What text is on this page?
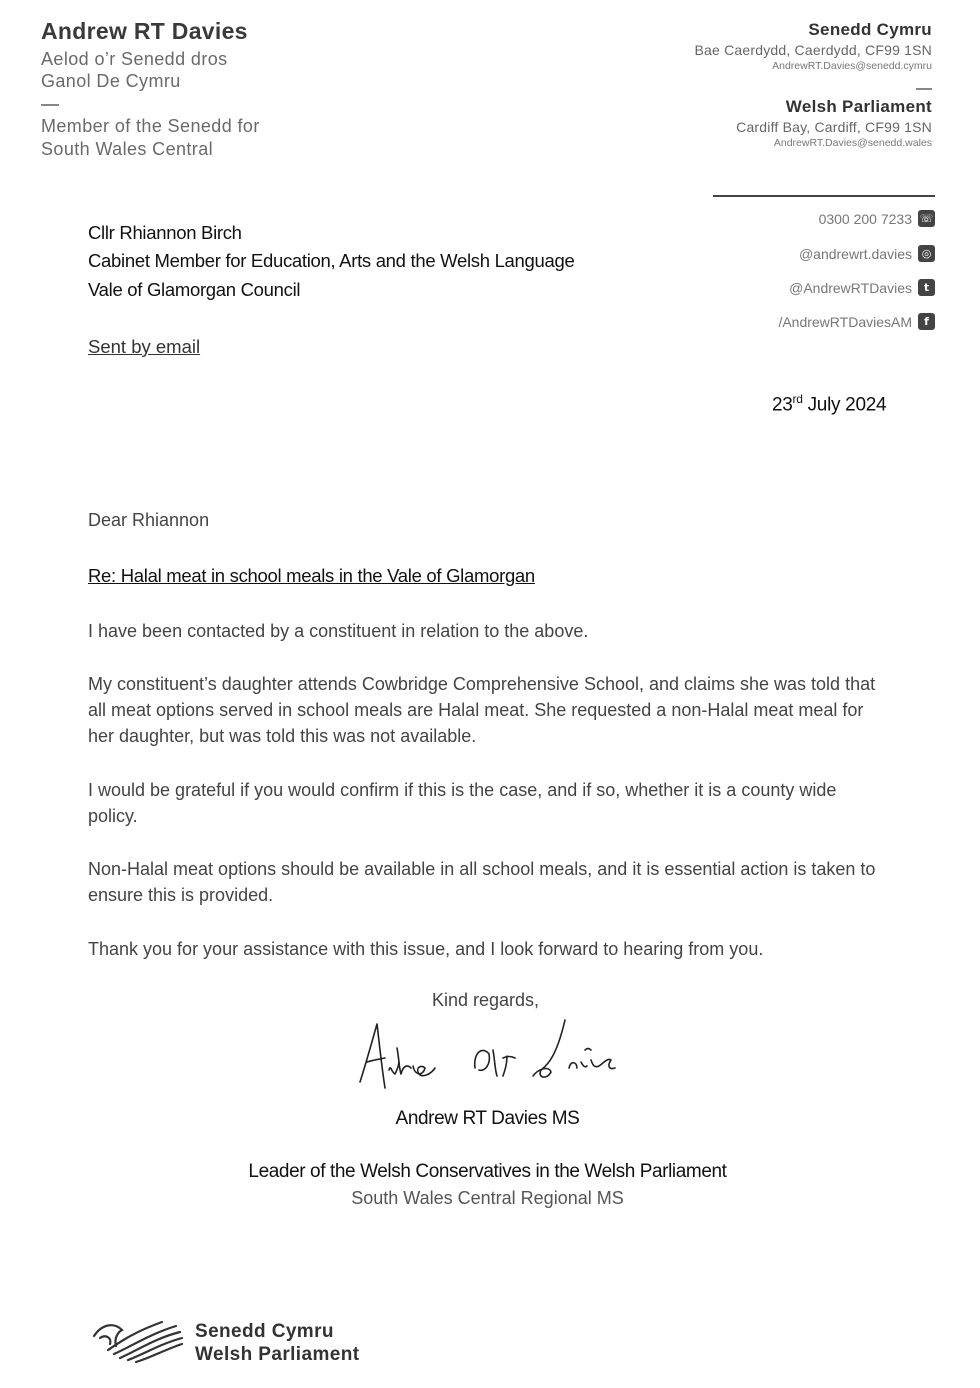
Andrew RT Davies
Aelod o’r Senedd dros
Ganol De Cymru
Member of the Senedd for
South Wales Central
Senedd Cymru
Bae Caerdydd, Caerdydd, CF99 1SN
AndrewRT.Davies@senedd.cymru
Welsh Parliament
Cardiff Bay, Cardiff, CF99 1SN
AndrewRT.Davies@senedd.wales
0300 200 7233 ☏
@andrewrt.davies ◎
@AndrewRTDavies	t
/AndrewRTDaviesAM	f
Cllr Rhiannon Birch
Cabinet Member for Education, Arts and the Welsh Language
Vale of Glamorgan Council
Sent by email
23rd July 2024
Dear Rhiannon
Re: Halal meat in school meals in the Vale of Glamorgan
I have been contacted by a constituent in relation to the above.
My constituent’s daughter attends Cowbridge Comprehensive School, and claims she was told that all meat options served in school meals are Halal meat. She requested a non-Halal meat meal for her daughter, but was told this was not available.
I would be grateful if you would confirm if this is the case, and if so, whether it is a county wide policy.
Non-Halal meat options should be available in all school meals, and it is essential action is taken to ensure this is provided.
Thank you for your assistance with this issue, and I look forward to hearing from you.
Kind regards,
Andrew RT Davies MS
Leader of the Welsh Conservatives in the Welsh Parliament
South Wales Central Regional MS
Senedd Cymru
Welsh Parliament
